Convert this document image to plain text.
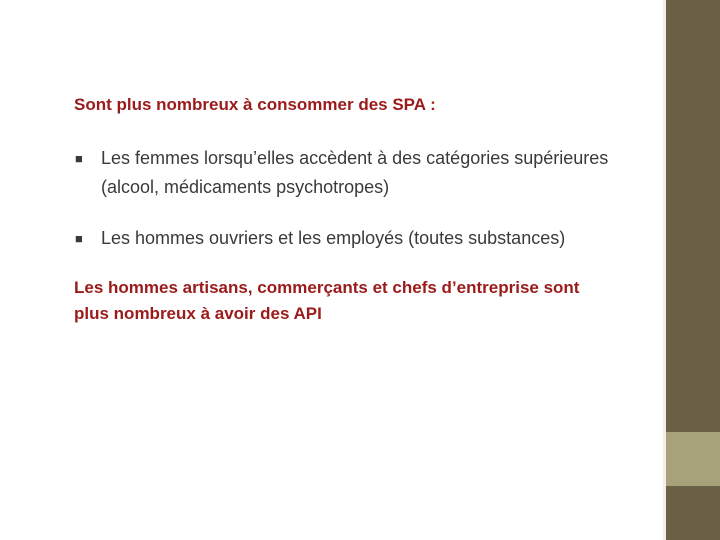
Sont plus nombreux à consommer des SPA :

■ Les femmes lorsqu’elles accèdent à des catégories supérieures (alcool, médicaments psychotropes)
■ Les hommes ouvriers et les employés (toutes substances)

Les hommes artisans, commerçants et chefs d’entreprise sont plus nombreux à avoir des API
